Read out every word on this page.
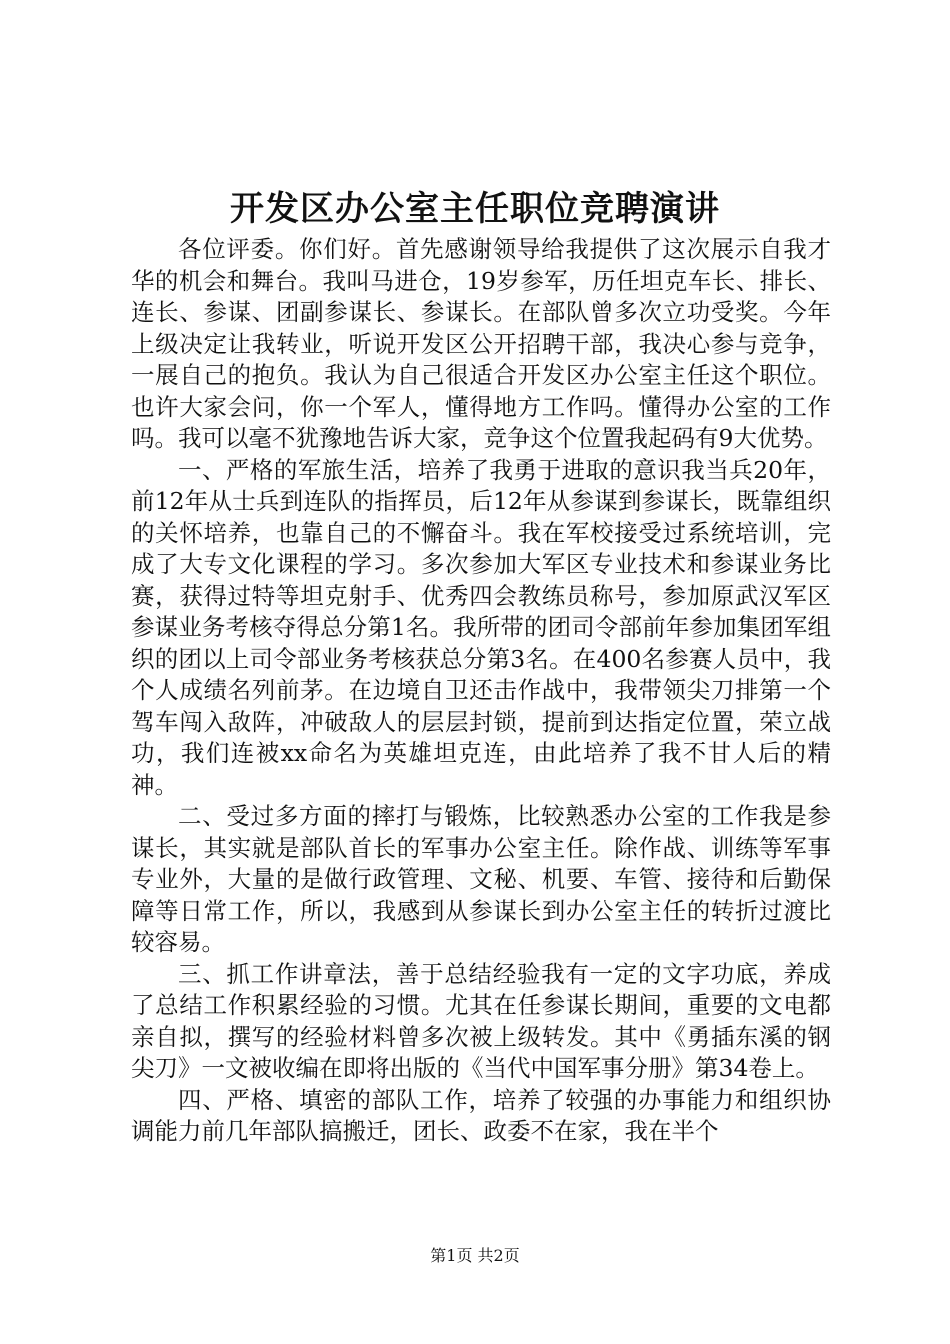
开发区办公室主任职位竞聘演讲

各位评委。你们好。首先感谢领导给我提供了这次展示自我才华的机会和舞台。我叫马进仓，19岁参军，历任坦克车长、排长、连长、参谋、团副参谋长、参谋长。在部队曾多次立功受奖。今年上级决定让我转业，听说开发区公开招聘干部，我决心参与竞争，一展自己的抱负。我认为自己很适合开发区办公室主任这个职位。也许大家会问，你一个军人，懂得地方工作吗。懂得办公室的工作吗。我可以毫不犹豫地告诉大家，竞争这个位置我起码有9大优势。

一、严格的军旅生活，培养了我勇于进取的意识我当兵20年，前12年从士兵到连队的指挥员，后12年从参谋到参谋长，既靠组织的关怀培养，也靠自己的不懈奋斗。我在军校接受过系统培训，完成了大专文化课程的学习。多次参加大军区专业技术和参谋业务比赛，获得过特等坦克射手、优秀四会教练员称号，参加原武汉军区参谋业务考核夺得总分第1名。我所带的团司令部前年参加集团军组织的团以上司令部业务考核获总分第3名。在400名参赛人员中，我个人成绩名列前茅。在边境自卫还击作战中，我带领尖刀排第一个驾车闯入敌阵，冲破敌人的层层封锁，提前到达指定位置，荣立战功，我们连被xx命名为英雄坦克连，由此培养了我不甘人后的精神。

二、受过多方面的摔打与锻炼，比较熟悉办公室的工作我是参谋长，其实就是部队首长的军事办公室主任。除作战、训练等军事专业外，大量的是做行政管理、文秘、机要、车管、接待和后勤保障等日常工作，所以，我感到从参谋长到办公室主任的转折过渡比较容易。

三、抓工作讲章法，善于总结经验我有一定的文字功底，养成了总结工作积累经验的习惯。尤其在任参谋长期间，重要的文电都亲自拟，撰写的经验材料曾多次被上级转发。其中《勇插东溪的钢尖刀》一文被收编在即将出版的《当代中国军事分册》第34卷上。

四、严格、填密的部队工作，培养了较强的办事能力和组织协调能力前几年部队搞搬迁，团长、政委不在家，我在半个

第1页 共2页
